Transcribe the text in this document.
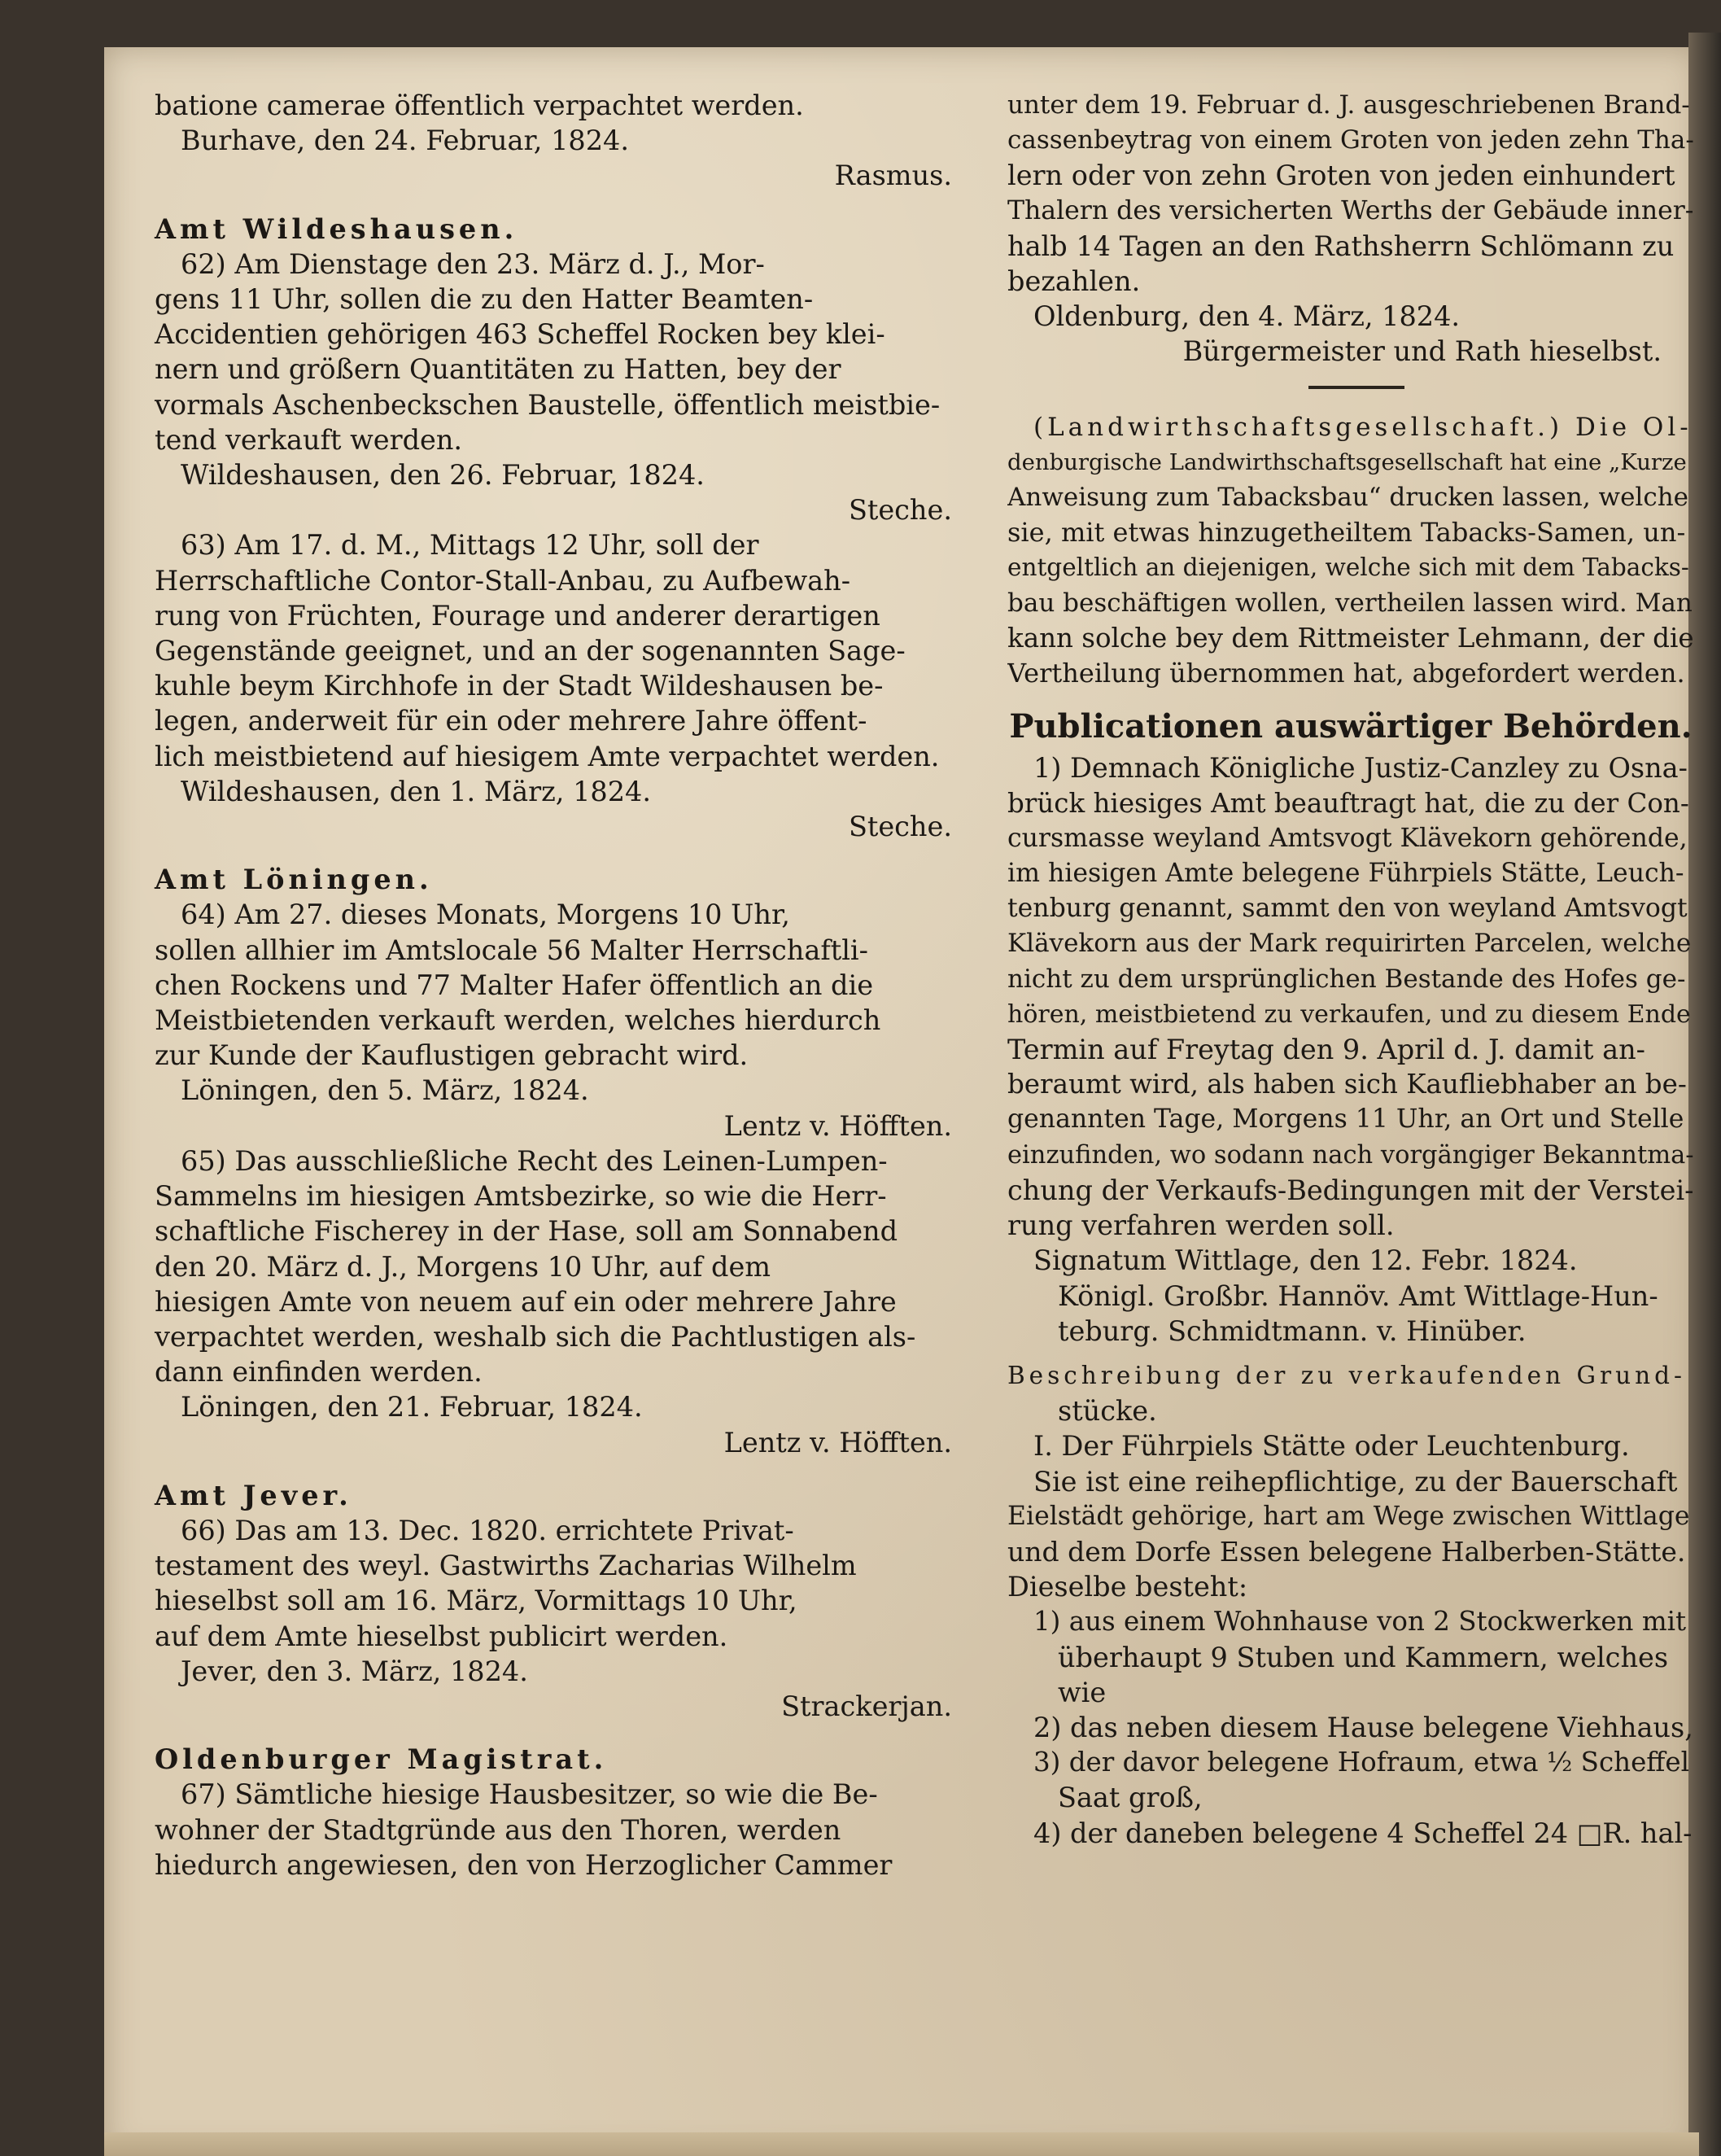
bationе cameraе öffentlich verpachtet werden.
Burhave, den 24. Februar, 1824.
Rasmus.
Amt Wildeshausen.
62) Am Dienstage den 23. März d. J., Mor-
gens 11 Uhr, sollen die zu den Hatter Beamten-
Accidentien gehörigen 463 Scheffel Rocken bey klei-
nern und größern Quantitäten zu Hatten, bey der
vormals Aschenbeckschen Baustelle, öffentlich meistbie-
tend verkauft werden.
Wildeshausen, den 26. Februar, 1824.
Steche.
63) Am 17. d. M., Mittags 12 Uhr, soll der
Herrschaftliche Contor-Stall-Anbau, zu Aufbewah-
rung von Früchten, Fourage und anderer derartigen
Gegenstände geeignet, und an der sogenannten Sage-
kuhle beym Kirchhofe in der Stadt Wildeshausen be-
legen, anderweit für ein oder mehrere Jahre öffent-
lich meistbietend auf hiesigem Amte verpachtet werden.
Wildeshausen, den 1. März, 1824.
Steche.
Amt Löningen.
64) Am 27. dieses Monats, Morgens 10 Uhr,
sollen allhier im Amtslocale 56 Malter Herrschaftli-
chen Rockens und 77 Malter Hafer öffentlich an die
Meistbietenden verkauft werden, welches hierdurch
zur Kunde der Kauflustigen gebracht wird.
Löningen, den 5. März, 1824.
Lentz v. Höfften.
65) Das ausschließliche Recht des Leinen-Lumpen-
Sammelns im hiesigen Amtsbezirke, so wie die Herr-
schaftliche Fischerey in der Hase, soll am Sonnabend
den 20. März d. J., Morgens 10 Uhr, auf dem
hiesigen Amte von neuem auf ein oder mehrere Jahre
verpachtet werden, weshalb sich die Pachtlustigen als-
dann einfinden werden.
Löningen, den 21. Februar, 1824.
Lentz v. Höfften.
Amt Jever.
66) Das am 13. Dec. 1820. errichtete Privat-
testament des weyl. Gastwirths Zacharias Wilhelm
hieselbst soll am 16. März, Vormittags 10 Uhr,
auf dem Amte hieselbst publicirt werden.
Jever, den 3. März, 1824.
Strackerjan.
Oldenburger Magistrat.
67) Sämtliche hiesige Hausbesitzer, so wie die Be-
wohner der Stadtgründe aus den Thoren, werden
hiedurch angewiesen, den von Herzoglicher Cammer
unter dem 19. Februar d. J. ausgeschriebenen Brand-
cassenbeytrag von einem Groten von jeden zehn Tha-
lern oder von zehn Groten von jeden einhundert
Thalern des versicherten Werths der Gebäude inner-
halb 14 Tagen an den Rathsherrn Schlömann zu
bezahlen.
Oldenburg, den 4. März, 1824.
Bürgermeister und Rath hieselbst.
(Landwirthschaftsgesellschaft.) Die Ol-
denburgische Landwirthschaftsgesellschaft hat eine „Kurze
Anweisung zum Tabacksbau“ drucken lassen, welche
sie, mit etwas hinzugetheiltem Tabacks-Samen, un-
entgeltlich an diejenigen, welche sich mit dem Tabacks-
bau beschäftigen wollen, vertheilen lassen wird. Man
kann solche bey dem Rittmeister Lehmann, der die
Vertheilung übernommen hat, abgefordert werden.
Publicationen auswärtiger Behörden.
1) Demnach Königliche Justiz-Canzley zu Osna-
brück hiesiges Amt beauftragt hat, die zu der Con-
cursmasse weyland Amtsvogt Klävekorn gehörende,
im hiesigen Amte belegene Führpiels Stätte, Leuch-
tenburg genannt, sammt den von weyland Amtsvogt
Klävekorn aus der Mark requirirten Parcelen, welche
nicht zu dem ursprünglichen Bestande des Hofes ge-
hören, meistbietend zu verkaufen, und zu diesem Ende
Termin auf Freytag den 9. April d. J. damit an-
beraumt wird, als haben sich Kaufliebhaber an be-
genannten Tage, Morgens 11 Uhr, an Ort und Stelle
einzufinden, wo sodann nach vorgängiger Bekanntma-
chung der Verkaufs-Bedingungen mit der Verstei-
rung verfahren werden soll.
Signatum Wittlage, den 12. Febr. 1824.
Königl. Großbr. Hannöv. Amt Wittlage-Hun-
teburg. Schmidtmann. v. Hinüber.
Beschreibung der zu verkaufenden Grund-
stücke.
I. Der Führpiels Stätte oder Leuchtenburg.
Sie ist eine reihepflichtige, zu der Bauerschaft
Eielstädt gehörige, hart am Wege zwischen Wittlage
und dem Dorfe Essen belegene Halberben-Stätte.
Dieselbe besteht:
1) aus einem Wohnhause von 2 Stockwerken mit
überhaupt 9 Stuben und Kammern, welches
wie
2) das neben diesem Hause belegene Viehhaus,
3) der davor belegene Hofraum, etwa ½ Scheffel
Saat groß,
4) der daneben belegene 4 Scheffel 24 □R. hal-
